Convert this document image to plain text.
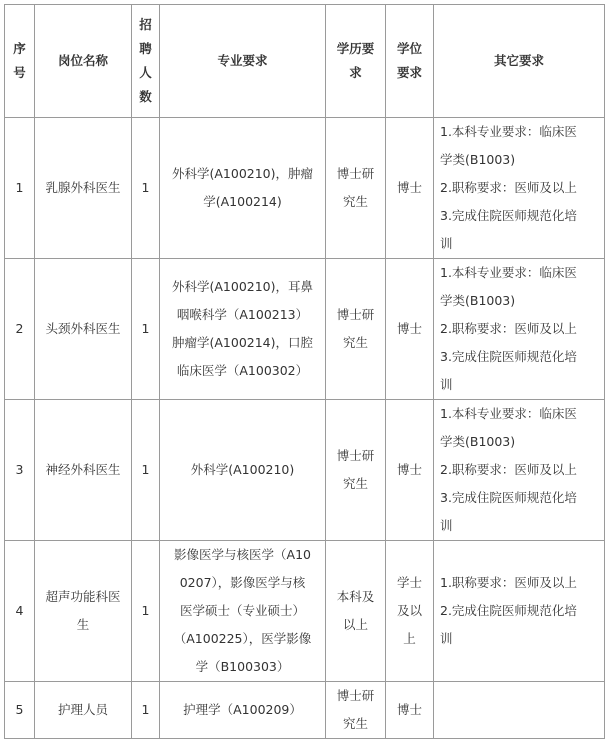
序
号	岗位名称	招
聘
人
数	专业要求	学历要
求	学位
要求	其它要求
1	乳腺外科医生	1	外科学(A100210)，肿瘤
学(A100214)	博士研
究生	博士	1.本科专业要求：临床医
学类(B1003)
2.职称要求：医师及以上
3.完成住院医师规范化培
训

2	头颈外科医生	1	外科学(A100210)，耳鼻
咽喉科学（A100213）
肿瘤学(A100214)，口腔
临床医学（A100302）	博士研
究生	博士	1.本科专业要求：临床医
学类(B1003)
2.职称要求：医师及以上
3.完成住院医师规范化培
训

3	神经外科医生	1	外科学(A100210)	博士研
究生	博士	1.本科专业要求：临床医
学类(B1003)
2.职称要求：医师及以上
3.完成住院医师规范化培
训

4	超声功能科医
生	1	影像医学与核医学（A10
0207），影像医学与核
医学硕士（专业硕士）
（A100225），医学影像
学（B100303）	本科及
以上	学士
及以
上	1.职称要求：医师及以上
2.完成住院医师规范化培
训

5	护理人员	1	护理学（A100209）	博士研
究生	博士	
